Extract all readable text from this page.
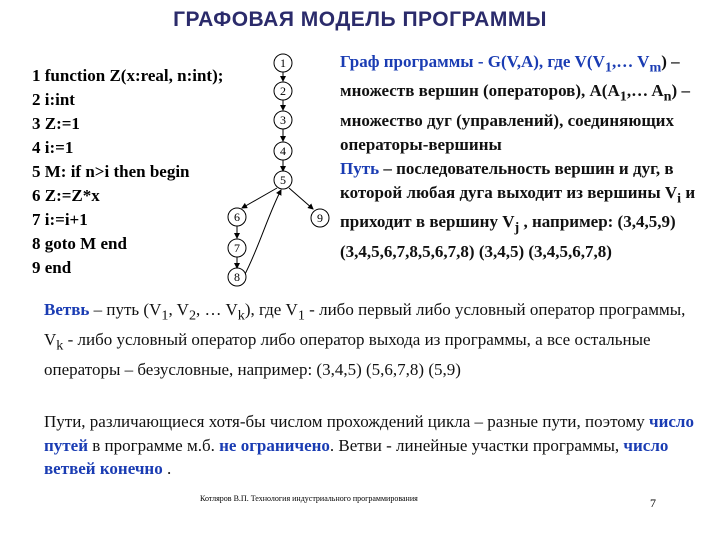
ГРАФОВАЯ МОДЕЛЬ ПРОГРАММЫ
1 function Z(x:real, n:int);
2 i:int
3 Z:=1
4 i:=1
5 M: if n>i then begin
6 Z:=Z*x
7 i:=i+1
8 goto M end
9 end
1
2
3
4
5
6
7
8
9
Граф программы - G(V,A), где $V(V_1,\dots$ $V_m$) – множеств вершин (операторов), $A(A_1,\dots$ $A_n$) – множество дуг (управлений), соединяющих операторы-вершины
Путь – последовательность вершин и дуг, в которой любая дуга выходит из вершины $V_i$ и приходит в вершину $V_j$ , например: (3,4,5,9) (3,4,5,6,7,8,5,6,7,8) (3,4,5) (3,4,5,6,7,8)
Ветвь – путь ($V_1$, $V_2$, … $V_k$), где $V_1$ - либо первый либо условный оператор программы, $V_k$ - либо условный оператор либо оператор выхода из программы, а все остальные операторы – безусловные, например: (3,4,5) (5,6,7,8) (5,9)
Пути, различающиеся хотя-бы числом прохождений цикла – разные пути, поэтому число путей в программе м.б. не ограничено. Ветви - линейные участки программы, число ветвей конечно .
Котляров В.П. Технология индустриального программирования	7
